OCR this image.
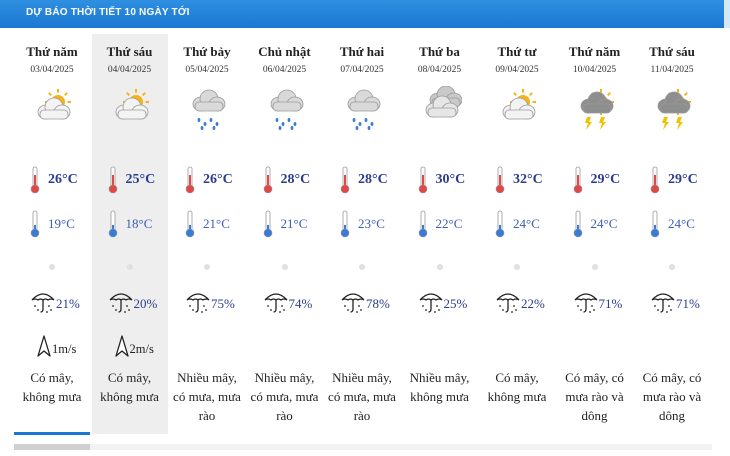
DỰ BÁO THỜI TIẾT 10 NGÀY TỚI
Thứ năm
03/04/2025
26°C
19°C
21%
1m/s
Có mây,
không mưa
Thứ sáu
04/04/2025
25°C
18°C
20%
2m/s
Có mây,
không mưa
Thứ bảy
05/04/2025
26°C
21°C
75%
Nhiều mây,
có mưa, mưa
rào
Chủ nhật
06/04/2025
28°C
21°C
74%
Nhiều mây,
có mưa, mưa
rào
Thứ hai
07/04/2025
28°C
23°C
78%
Nhiều mây,
có mưa, mưa
rào
Thứ ba
08/04/2025
30°C
22°C
25%
Nhiều mây,
không mưa
Thứ tư
09/04/2025
32°C
24°C
22%
Có mây,
không mưa
Thứ năm
10/04/2025
29°C
24°C
71%
Có mây, có
mưa rào và
dông
Thứ sáu
11/04/2025
29°C
24°C
71%
Có mây, có
mưa rào và
dông
